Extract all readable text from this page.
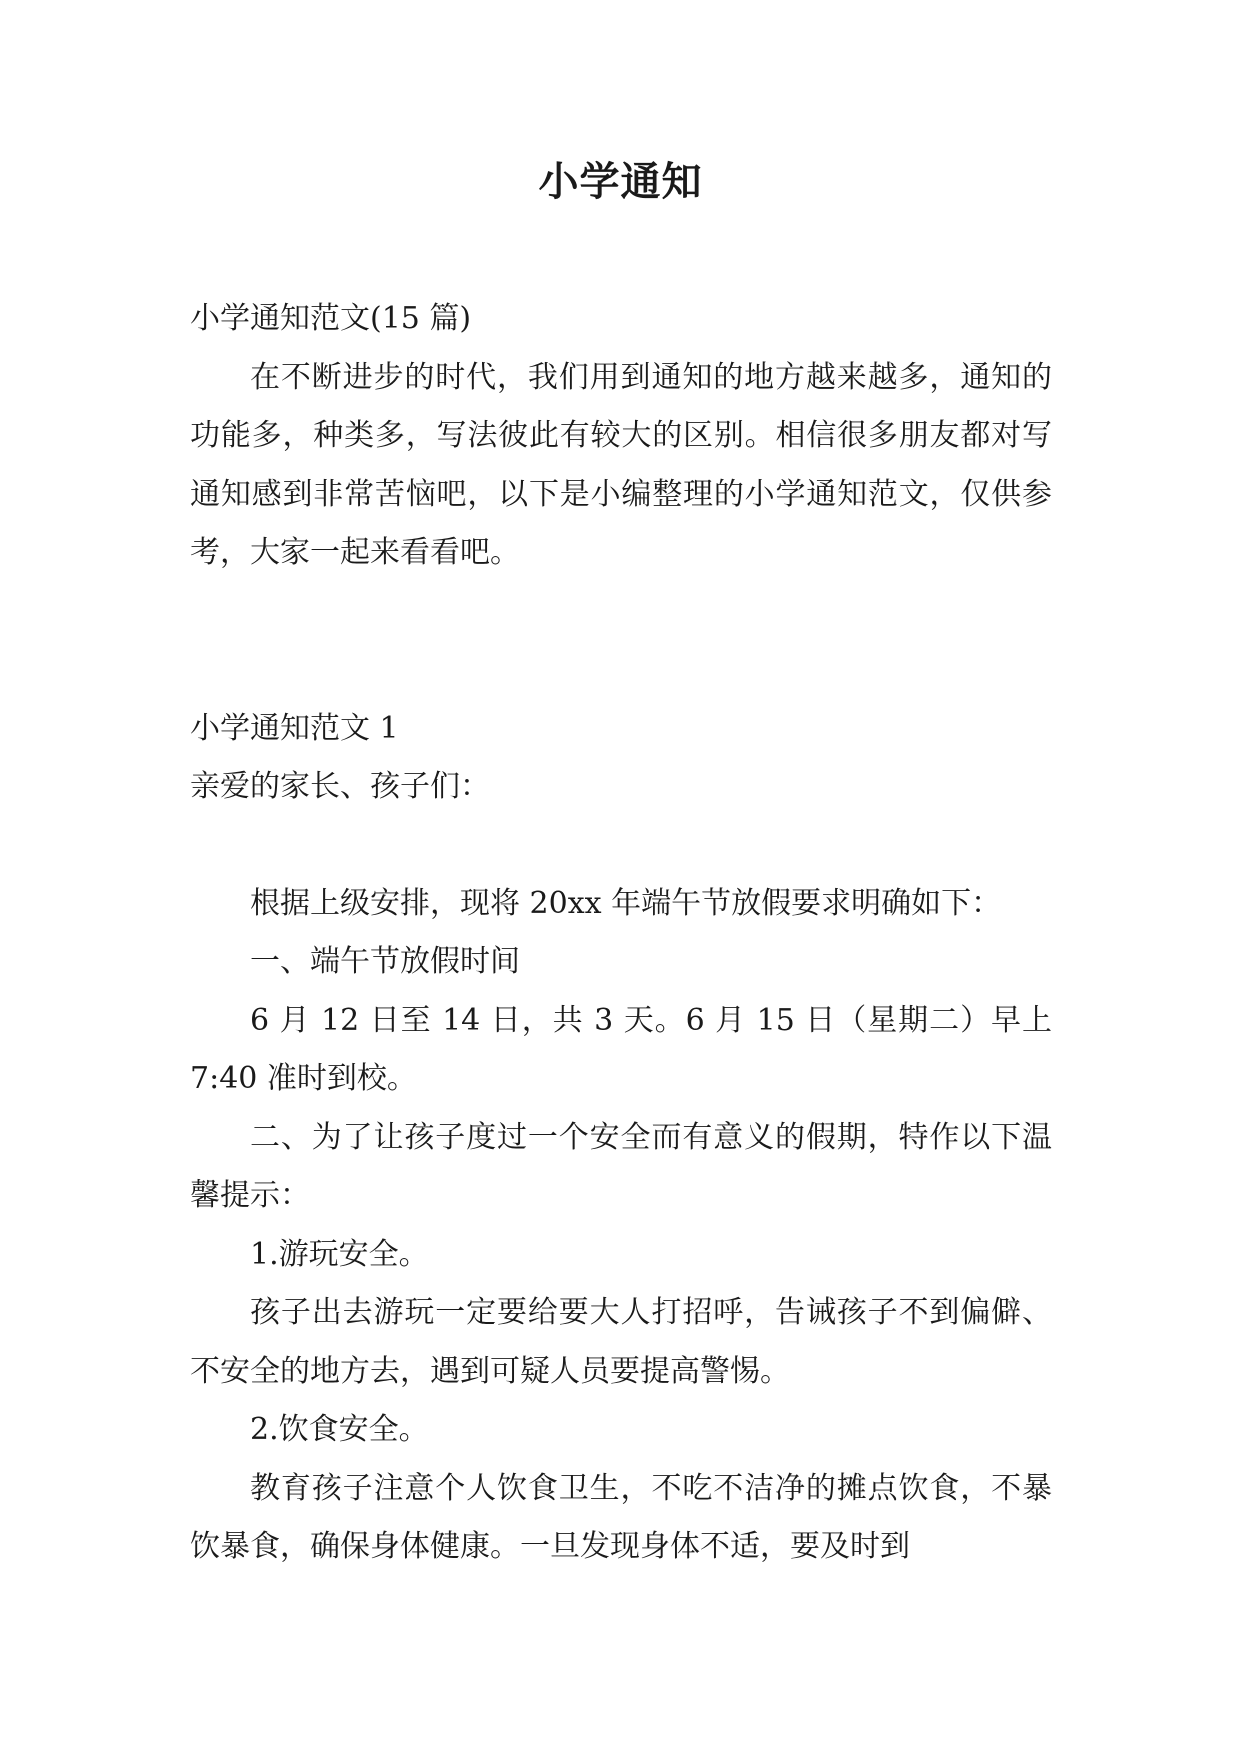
小学通知

小学通知范文(15 篇)

在不断进步的时代，我们用到通知的地方越来越多，通知的功能多，种类多，写法彼此有较大的区别。相信很多朋友都对写通知感到非常苦恼吧，以下是小编整理的小学通知范文，仅供参考，大家一起来看看吧。

小学通知范文 1

亲爱的家长、孩子们：

根据上级安排，现将 20xx 年端午节放假要求明确如下：

一、端午节放假时间

6 月 12 日至 14 日，共 3 天。6 月 15 日（星期二）早上 7:40 准时到校。

二、为了让孩子度过一个安全而有意义的假期，特作以下温馨提示：

1.游玩安全。

孩子出去游玩一定要给要大人打招呼，告诫孩子不到偏僻、不安全的地方去，遇到可疑人员要提高警惕。

2.饮食安全。

教育孩子注意个人饮食卫生，不吃不洁净的摊点饮食，不暴饮暴食，确保身体健康。一旦发现身体不适，要及时到
